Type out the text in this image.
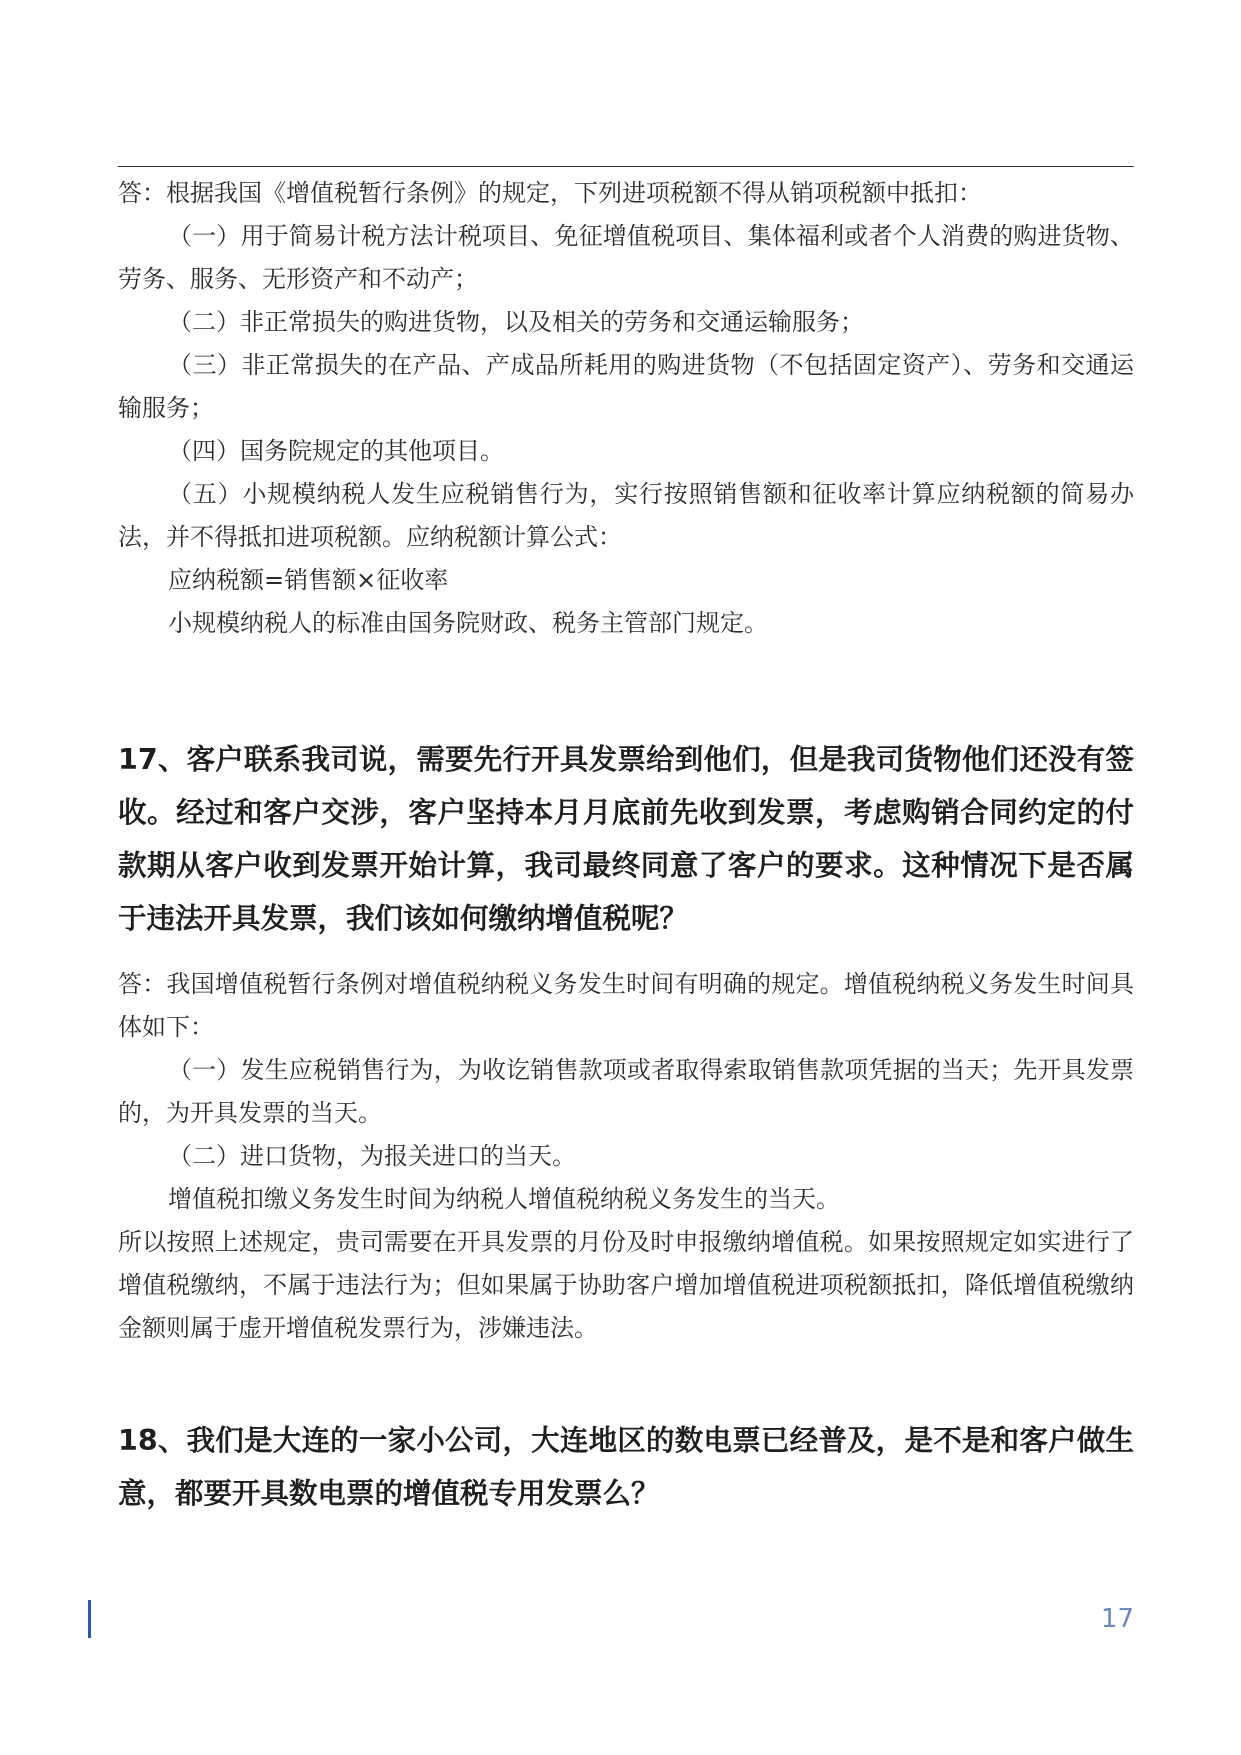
答：根据我国《增值税暂行条例》的规定，下列进项税额不得从销项税额中抵扣：

（一）用于简易计税方法计税项目、免征增值税项目、集体福利或者个人消费的购进货物、劳务、服务、无形资产和不动产；

（二）非正常损失的购进货物，以及相关的劳务和交通运输服务；

（三）非正常损失的在产品、产成品所耗用的购进货物（不包括固定资产）、劳务和交通运输服务；

（四）国务院规定的其他项目。

（五）小规模纳税人发生应税销售行为，实行按照销售额和征收率计算应纳税额的简易办法，并不得抵扣进项税额。应纳税额计算公式：

应纳税额=销售额×征收率

小规模纳税人的标准由国务院财政、税务主管部门规定。

17、客户联系我司说，需要先行开具发票给到他们，但是我司货物他们还没有签收。经过和客户交涉，客户坚持本月月底前先收到发票，考虑购销合同约定的付款期从客户收到发票开始计算，我司最终同意了客户的要求。这种情况下是否属于违法开具发票，我们该如何缴纳增值税呢？

答：我国增值税暂行条例对增值税纳税义务发生时间有明确的规定。增值税纳税义务发生时间具体如下：

（一）发生应税销售行为，为收讫销售款项或者取得索取销售款项凭据的当天；先开具发票的，为开具发票的当天。

（二）进口货物，为报关进口的当天。

增值税扣缴义务发生时间为纳税人增值税纳税义务发生的当天。

所以按照上述规定，贵司需要在开具发票的月份及时申报缴纳增值税。如果按照规定如实进行了增值税缴纳，不属于违法行为；但如果属于协助客户增加增值税进项税额抵扣，降低增值税缴纳金额则属于虚开增值税发票行为，涉嫌违法。

18、我们是大连的一家小公司，大连地区的数电票已经普及，是不是和客户做生意，都要开具数电票的增值税专用发票么？

17
